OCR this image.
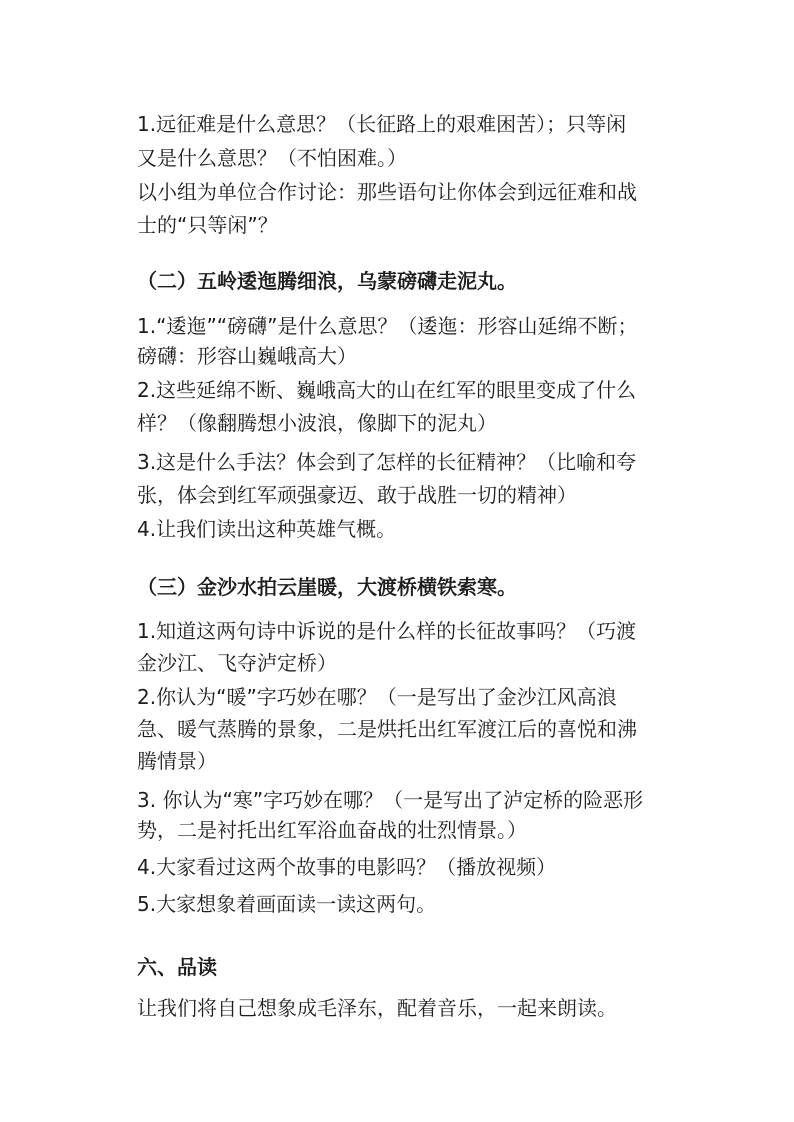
1.远征难是什么意思？（长征路上的艰难困苦）；只等闲
又是什么意思？（不怕困难。）
以小组为单位合作讨论：那些语句让你体会到远征难和战
士的“只等闲”？
（二）五岭逶迤腾细浪，乌蒙磅礴走泥丸。
1.“逶迤”“磅礴”是什么意思？（逶迤：形容山延绵不断；
磅礴：形容山巍峨高大）
2.这些延绵不断、巍峨高大的山在红军的眼里变成了什么
样？（像翻腾想小波浪，像脚下的泥丸）
3.这是什么手法？体会到了怎样的长征精神？（比喻和夸
张，体会到红军顽强豪迈、敢于战胜一切的精神）
4.让我们读出这种英雄气概。
（三）金沙水拍云崖暖，大渡桥横铁索寒。
1.知道这两句诗中诉说的是什么样的长征故事吗？（巧渡
金沙江、飞夺泸定桥）
2.你认为“暖”字巧妙在哪？（一是写出了金沙江风高浪
急、暖气蒸腾的景象，二是烘托出红军渡江后的喜悦和沸
腾情景）
3. 你认为“寒”字巧妙在哪？（一是写出了泸定桥的险恶形
势，二是衬托出红军浴血奋战的壮烈情景。）
4.大家看过这两个故事的电影吗？（播放视频）
5.大家想象着画面读一读这两句。
六、品读
让我们将自己想象成毛泽东，配着音乐，一起来朗读。
